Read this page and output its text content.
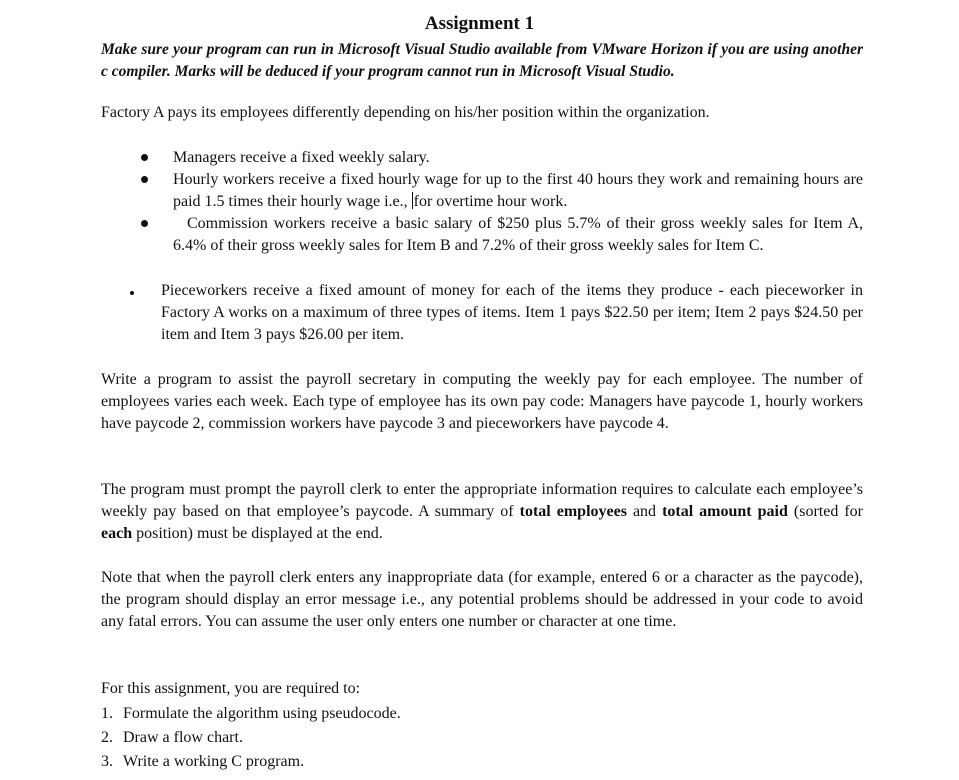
Assignment 1
Make sure your program can run in Microsoft Visual Studio available from VMware Horizon if you are using another c compiler. Marks will be deduced if your program cannot run in Microsoft Visual Studio.
Factory A pays its employees differently depending on his/her position within the organization.
Managers receive a fixed weekly salary.
Hourly workers receive a fixed hourly wage for up to the first 40 hours they work and remaining hours are paid 1.5 times their hourly wage i.e., for overtime hour work.
Commission workers receive a basic salary of $250 plus 5.7% of their gross weekly sales for Item A, 6.4% of their gross weekly sales for Item B and 7.2% of their gross weekly sales for Item C.
Pieceworkers receive a fixed amount of money for each of the items they produce - each pieceworker in Factory A works on a maximum of three types of items. Item 1 pays $22.50 per item; Item 2 pays $24.50 per item and Item 3 pays $26.00 per item.
Write a program to assist the payroll secretary in computing the weekly pay for each employee. The number of employees varies each week. Each type of employee has its own pay code: Managers have paycode 1, hourly workers have paycode 2, commission workers have paycode 3 and pieceworkers have paycode 4.
The program must prompt the payroll clerk to enter the appropriate information requires to calculate each employee’s weekly pay based on that employee’s paycode. A summary of total employees and total amount paid (sorted for each position) must be displayed at the end.
Note that when the payroll clerk enters any inappropriate data (for example, entered 6 or a character as the paycode), the program should display an error message i.e., any potential problems should be addressed in your code to avoid any fatal errors. You can assume the user only enters one number or character at one time.
For this assignment, you are required to:
1. Formulate the algorithm using pseudocode.
2. Draw a flow chart.
3. Write a working C program.
